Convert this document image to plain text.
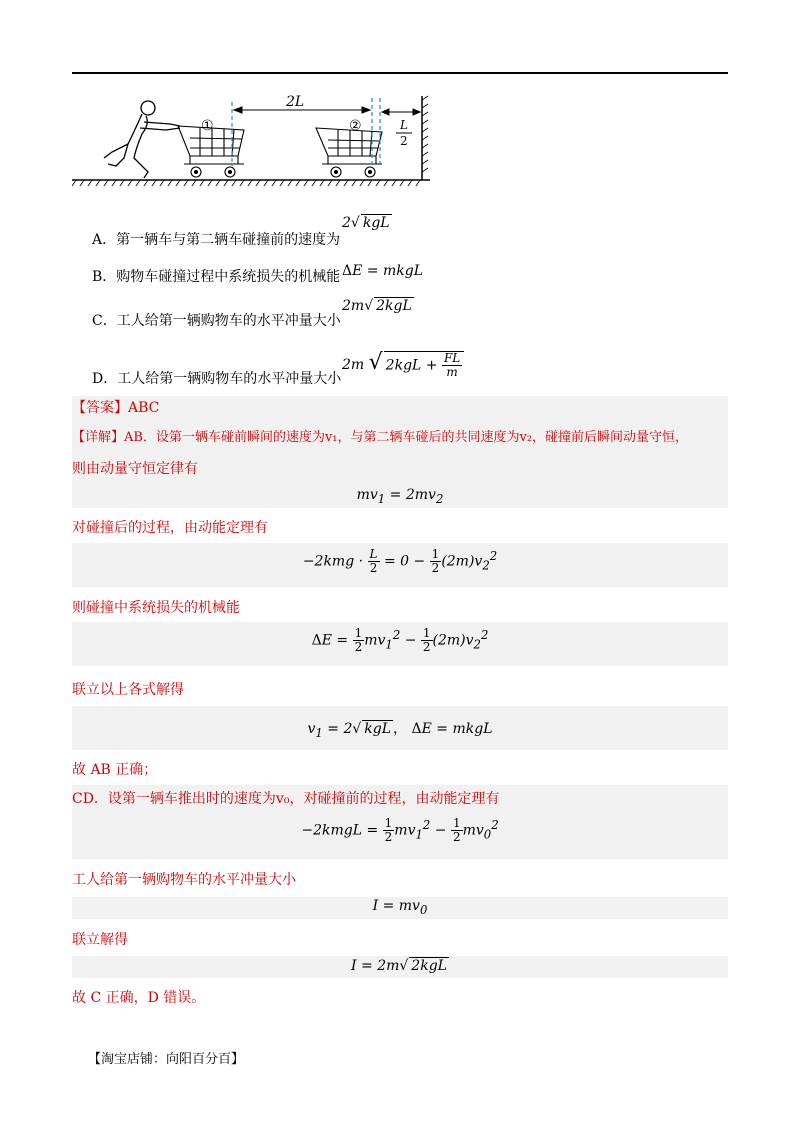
2L
L
2
①	②
A．第一辆车与第二辆车碰撞前的速度为
2√ kgL
B．购物车碰撞过程中系统损失的机械能 ΔE = mkgL
C．工人给第一辆购物车的水平冲量大小
2m√ 2kgL
D．工人给第一辆购物车的水平冲量大小
2m √ $2kgL + \frac{FL}{m}$
【答案】ABC
【详解】AB．设第一辆车碰前瞬间的速度为v₁，与第二辆车碰后的共同速度为v₂，碰撞前后瞬间动量守恒，
则由动量守恒定律有
$mv_1 = 2mv_2$
对碰撞后的过程，由动能定理有
$-2kmg \cdot \frac{L}{2} = 0 - \frac{1}{2} (2m)v_2^2$
则碰撞中系统损失的机械能
$\Delta E = \frac{1}{2} mv_1^2 - \frac{1}{2} (2m)v_2^2$
联立以上各式解得
$v_1 = 2√$ kgL ， ΔE = mkgL
故 AB 正确；
CD．设第一辆车推出时的速度为v₀，对碰撞前的过程，由动能定理有
−2kmgL = $\frac{1}{2} mv_1^2 - \frac{1}{2} mv_0^2$
工人给第一辆购物车的水平冲量大小
$I = mv_0$
联立解得
I = 2m√ 2kgL
故 C 正确，D 错误。
【淘宝店铺：向阳百分百】
